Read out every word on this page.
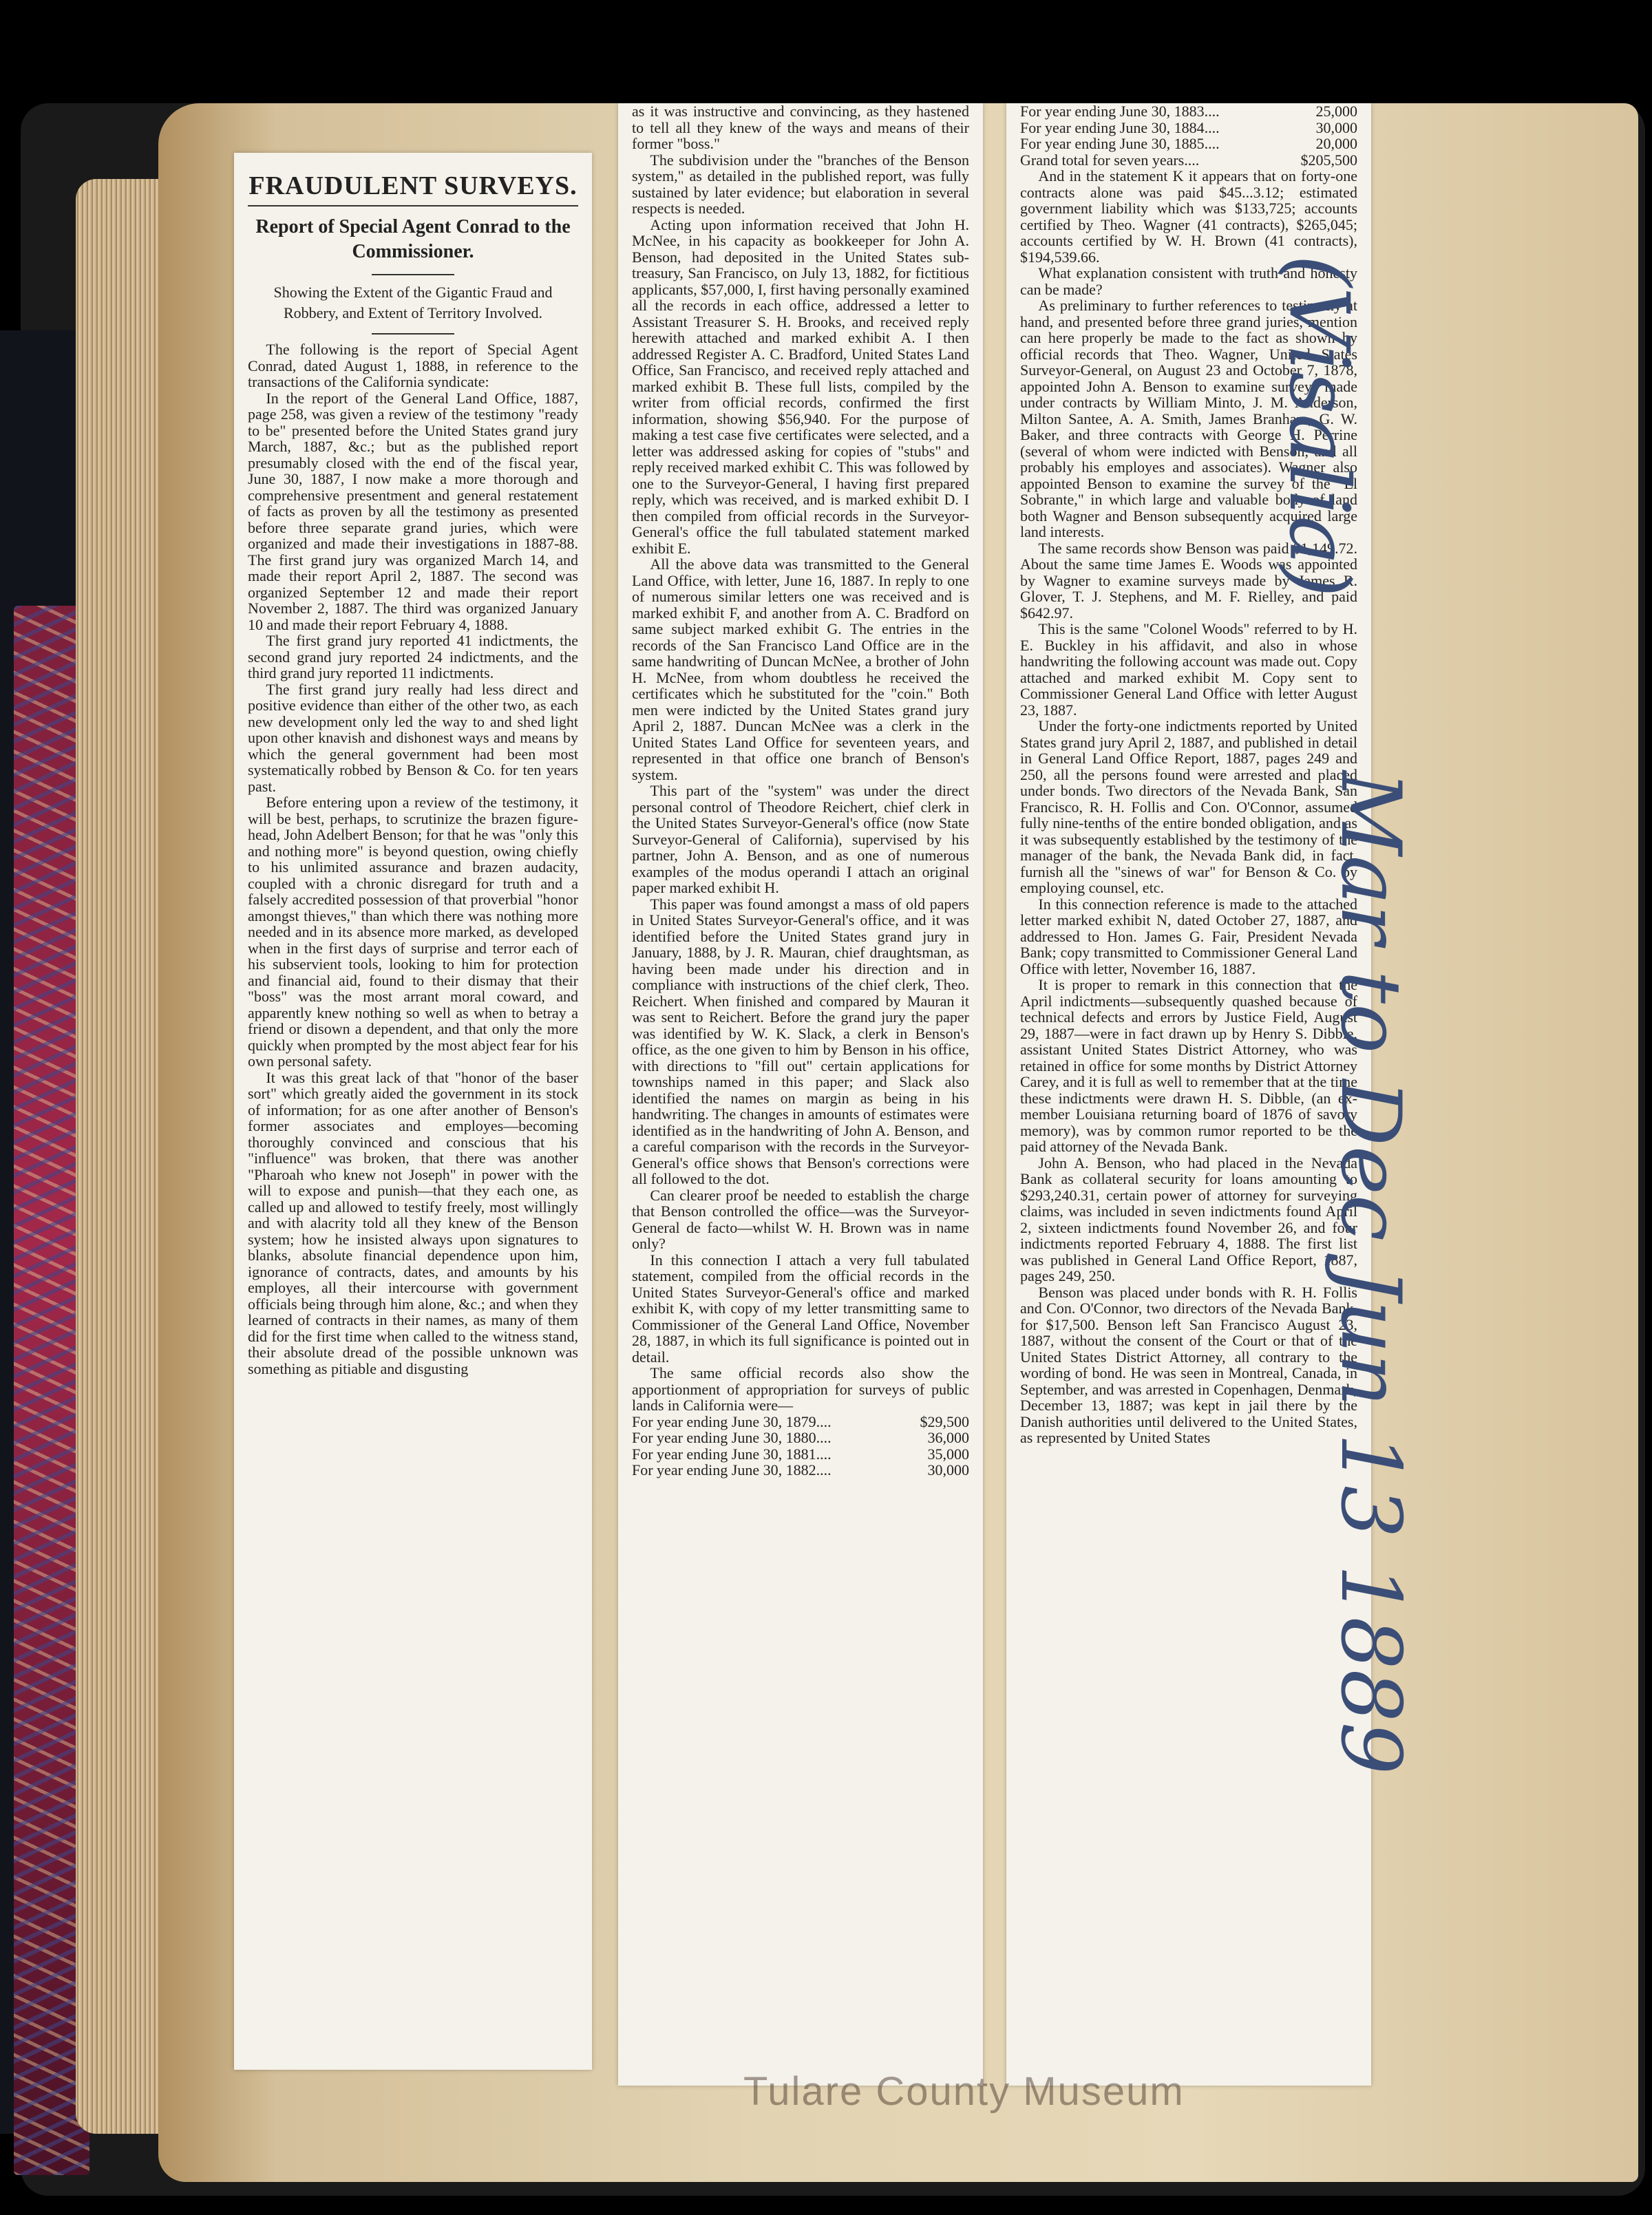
FRAUDULENT SURVEYS.
Report of Special Agent Conrad to the Commissioner.
Showing the Extent of the Gigantic Fraud and Robbery, and Extent of Territory Involved.

The following is the report of Special Agent Conrad, dated August 1, 1888, in reference to the transactions of the California syndicate:

In the report of the General Land Office, 1887, page 258, was given a review of the testimony "ready to be" presented before the United States grand jury March, 1887, &c.; but as the published report presumably closed with the end of the fiscal year, June 30, 1887, I now make a more thorough and comprehensive presentment and general restatement of facts as proven by all the testimony as presented before three separate grand juries, which were organized and made their investigations in 1887-88. The first grand jury was organized March 14, and made their report April 2, 1887. The second was organized September 12 and made their report November 2, 1887. The third was organized January 10 and made their report February 4, 1888.

The first grand jury reported 41 indictments, the second grand jury reported 24 indictments, and the third grand jury reported 11 indictments.

The first grand jury really had less direct and positive evidence than either of the other two, as each new development only led the way to and shed light upon other knavish and dishonest ways and means by which the general government had been most systematically robbed by Benson & Co. for ten years past.

Before entering upon a review of the testimony, it will be best, perhaps, to scrutinize the brazen figure-head, John Adelbert Benson; for that he was "only this and nothing more" is beyond question, owing chiefly to his unlimited assurance and brazen audacity, coupled with a chronic disregard for truth and a falsely accredited possession of that proverbial "honor amongst thieves," than which there was nothing more needed and in its absence more marked, as developed when in the first days of surprise and terror each of his subservient tools, looking to him for protection and financial aid, found to their dismay that their "boss" was the most arrant moral coward, and apparently knew nothing so well as when to betray a friend or disown a dependent, and that only the more quickly when prompted by the most abject fear for his own personal safety.

It was this great lack of that "honor of the baser sort" which greatly aided the government in its stock of information; for as one after another of Benson's former associates and employes—becoming thoroughly convinced and conscious that his "influence" was broken, that there was another "Pharoah who knew not Joseph" in power with the will to expose and punish—that they each one, as called up and allowed to testify freely, most willingly and with alacrity told all they knew of the Benson system; how he insisted always upon signatures to blanks, absolute financial dependence upon him, ignorance of contracts, dates, and amounts by his employes, all their intercourse with government officials being through him alone, &c.; and when they learned of contracts in their names, as many of them did for the first time when called to the witness stand, their absolute dread of the possible unknown was something as pitiable and disgusting

as it was instructive and convincing, as they hastened to tell all they knew of the ways and means of their former "boss."

The subdivision under the "branches of the Benson system," as detailed in the published report, was fully sustained by later evidence; but elaboration in several respects is needed.

Acting upon information received that John H. McNee, in his capacity as bookkeeper for John A. Benson, had deposited in the United States sub-treasury, San Francisco, on July 13, 1882, for fictitious applicants, $57,000, I, first having personally examined all the records in each office, addressed a letter to Assistant Treasurer S. H. Brooks, and received reply herewith attached and marked exhibit A. I then addressed Register A. C. Bradford, United States Land Office, San Francisco, and received reply attached and marked exhibit B. These full lists, compiled by the writer from official records, confirmed the first information, showing $56,940. For the purpose of making a test case five certificates were selected, and a letter was addressed asking for copies of "stubs" and reply received marked exhibit C. This was followed by one to the Surveyor-General, I having first prepared reply, which was received, and is marked exhibit D. I then compiled from official records in the Surveyor-General's office the full tabulated statement marked exhibit E.

All the above data was transmitted to the General Land Office, with letter, June 16, 1887. In reply to one of numerous similar letters one was received and is marked exhibit F, and another from A. C. Bradford on same subject marked exhibit G. The entries in the records of the San Francisco Land Office are in the same handwriting of Duncan McNee, a brother of John H. McNee, from whom doubtless he received the certificates which he substituted for the "coin." Both men were indicted by the United States grand jury April 2, 1887. Duncan McNee was a clerk in the United States Land Office for seventeen years, and represented in that office one branch of Benson's system.

This part of the "system" was under the direct personal control of Theodore Reichert, chief clerk in the United States Surveyor-General's office (now State Surveyor-General of California), supervised by his partner, John A. Benson, and as one of numerous examples of the modus operandi I attach an original paper marked exhibit H.

This paper was found amongst a mass of old papers in United States Surveyor-General's office, and it was identified before the United States grand jury in January, 1888, by J. R. Mauran, chief draughtsman, as having been made under his direction and in compliance with instructions of the chief clerk, Theo. Reichert. When finished and compared by Mauran it was sent to Reichert. Before the grand jury the paper was identified by W. K. Slack, a clerk in Benson's office, as the one given to him by Benson in his office, with directions to "fill out" certain applications for townships named in this paper; and Slack also identified the names on margin as being in his handwriting. The changes in amounts of estimates were identified as in the handwriting of John A. Benson, and a careful comparison with the records in the Surveyor-General's office shows that Benson's corrections were all followed to the dot.

Can clearer proof be needed to establish the charge that Benson controlled the office—was the Surveyor-General de facto—whilst W. H. Brown was in name only?

In this connection I attach a very full tabulated statement, compiled from the official records in the United States Surveyor-General's office and marked exhibit K, with copy of my letter transmitting same to Commissioner of the General Land Office, November 28, 1887, in which its full significance is pointed out in detail.

The same official records also show the apportionment of appropriation for surveys of public lands in California were—

For year ending June 30, 1879....	$29,500
For year ending June 30, 1880....	36,000
For year ending June 30, 1881....	35,000
For year ending June 30, 1882....	30,000
For year ending June 30, 1883....	25,000
For year ending June 30, 1884....	30,000
For year ending June 30, 1885....	20,000
Grand total for seven years....	$205,500

And in the statement K it appears that on forty-one contracts alone was paid $45...3.12; estimated government liability which was $133,725; accounts certified by Theo. Wagner (41 contracts), $265,045; accounts certified by W. H. Brown (41 contracts), $194,539.66.

What explanation consistent with truth and honesty can be made?

As preliminary to further references to testimony at hand, and presented before three grand juries, mention can here properly be made to the fact as shown by official records that Theo. Wagner, United States Surveyor-General, on August 23 and October 7, 1878, appointed John A. Benson to examine surveys made under contracts by William Minto, J. M. Anderson, Milton Santee, A. A. Smith, James Branham, G. W. Baker, and three contracts with George H. Perrine (several of whom were indicted with Benson, and all probably his employes and associates). Wagner also appointed Benson to examine the survey of the "El Sobrante," in which large and valuable body of land both Wagner and Benson subsequently acquired large land interests.

The same records show Benson was paid $1,149.72. About the same time James E. Woods was appointed by Wagner to examine surveys made by James R. Glover, T. J. Stephens, and M. F. Rielley, and paid $642.97.

This is the same "Colonel Woods" referred to by H. E. Buckley in his affidavit, and also in whose handwriting the following account was made out. Copy attached and marked exhibit M. Copy sent to Commissioner General Land Office with letter August 23, 1887.

Under the forty-one indictments reported by United States grand jury April 2, 1887, and published in detail in General Land Office Report, 1887, pages 249 and 250, all the persons found were arrested and placed under bonds. Two directors of the Nevada Bank, San Francisco, R. H. Follis and Con. O'Connor, assumed fully nine-tenths of the entire bonded obligation, and as it was subsequently established by the testimony of the manager of the bank, the Nevada Bank did, in fact, furnish all the "sinews of war" for Benson & Co. by employing counsel, etc.

In this connection reference is made to the attached letter marked exhibit N, dated October 27, 1887, and addressed to Hon. James G. Fair, President Nevada Bank; copy transmitted to Commissioner General Land Office with letter, November 16, 1887.

It is proper to remark in this connection that the April indictments—subsequently quashed because of technical defects and errors by Justice Field, August 29, 1887—were in fact drawn up by Henry S. Dibble, assistant United States District Attorney, who was retained in office for some months by District Attorney Carey, and it is full as well to remember that at the time these indictments were drawn H. S. Dibble, (an ex-member Louisiana returning board of 1876 of savory memory), was by common rumor reported to be the paid attorney of the Nevada Bank.

John A. Benson, who had placed in the Nevada Bank as collateral security for loans amounting to $293,240.31, certain power of attorney for surveying claims, was included in seven indictments found April 2, sixteen indictments found November 26, and four indictments reported February 4, 1888. The first list was published in General Land Office Report, 1887, pages 249, 250.

Benson was placed under bonds with R. H. Follis and Con. O'Connor, two directors of the Nevada Bank, for $17,500. Benson left San Francisco August 23, 1887, without the consent of the Court or that of the United States District Attorney, all contrary to the wording of bond. He was seen in Montreal, Canada, in September, and was arrested in Copenhagen, Denmark, December 13, 1887; was kept in jail there by the Danish authorities until delivered to the United States, as represented by United States

(Visalia)
Mar to Dec Jun 13 1889
Tulare County Museum
